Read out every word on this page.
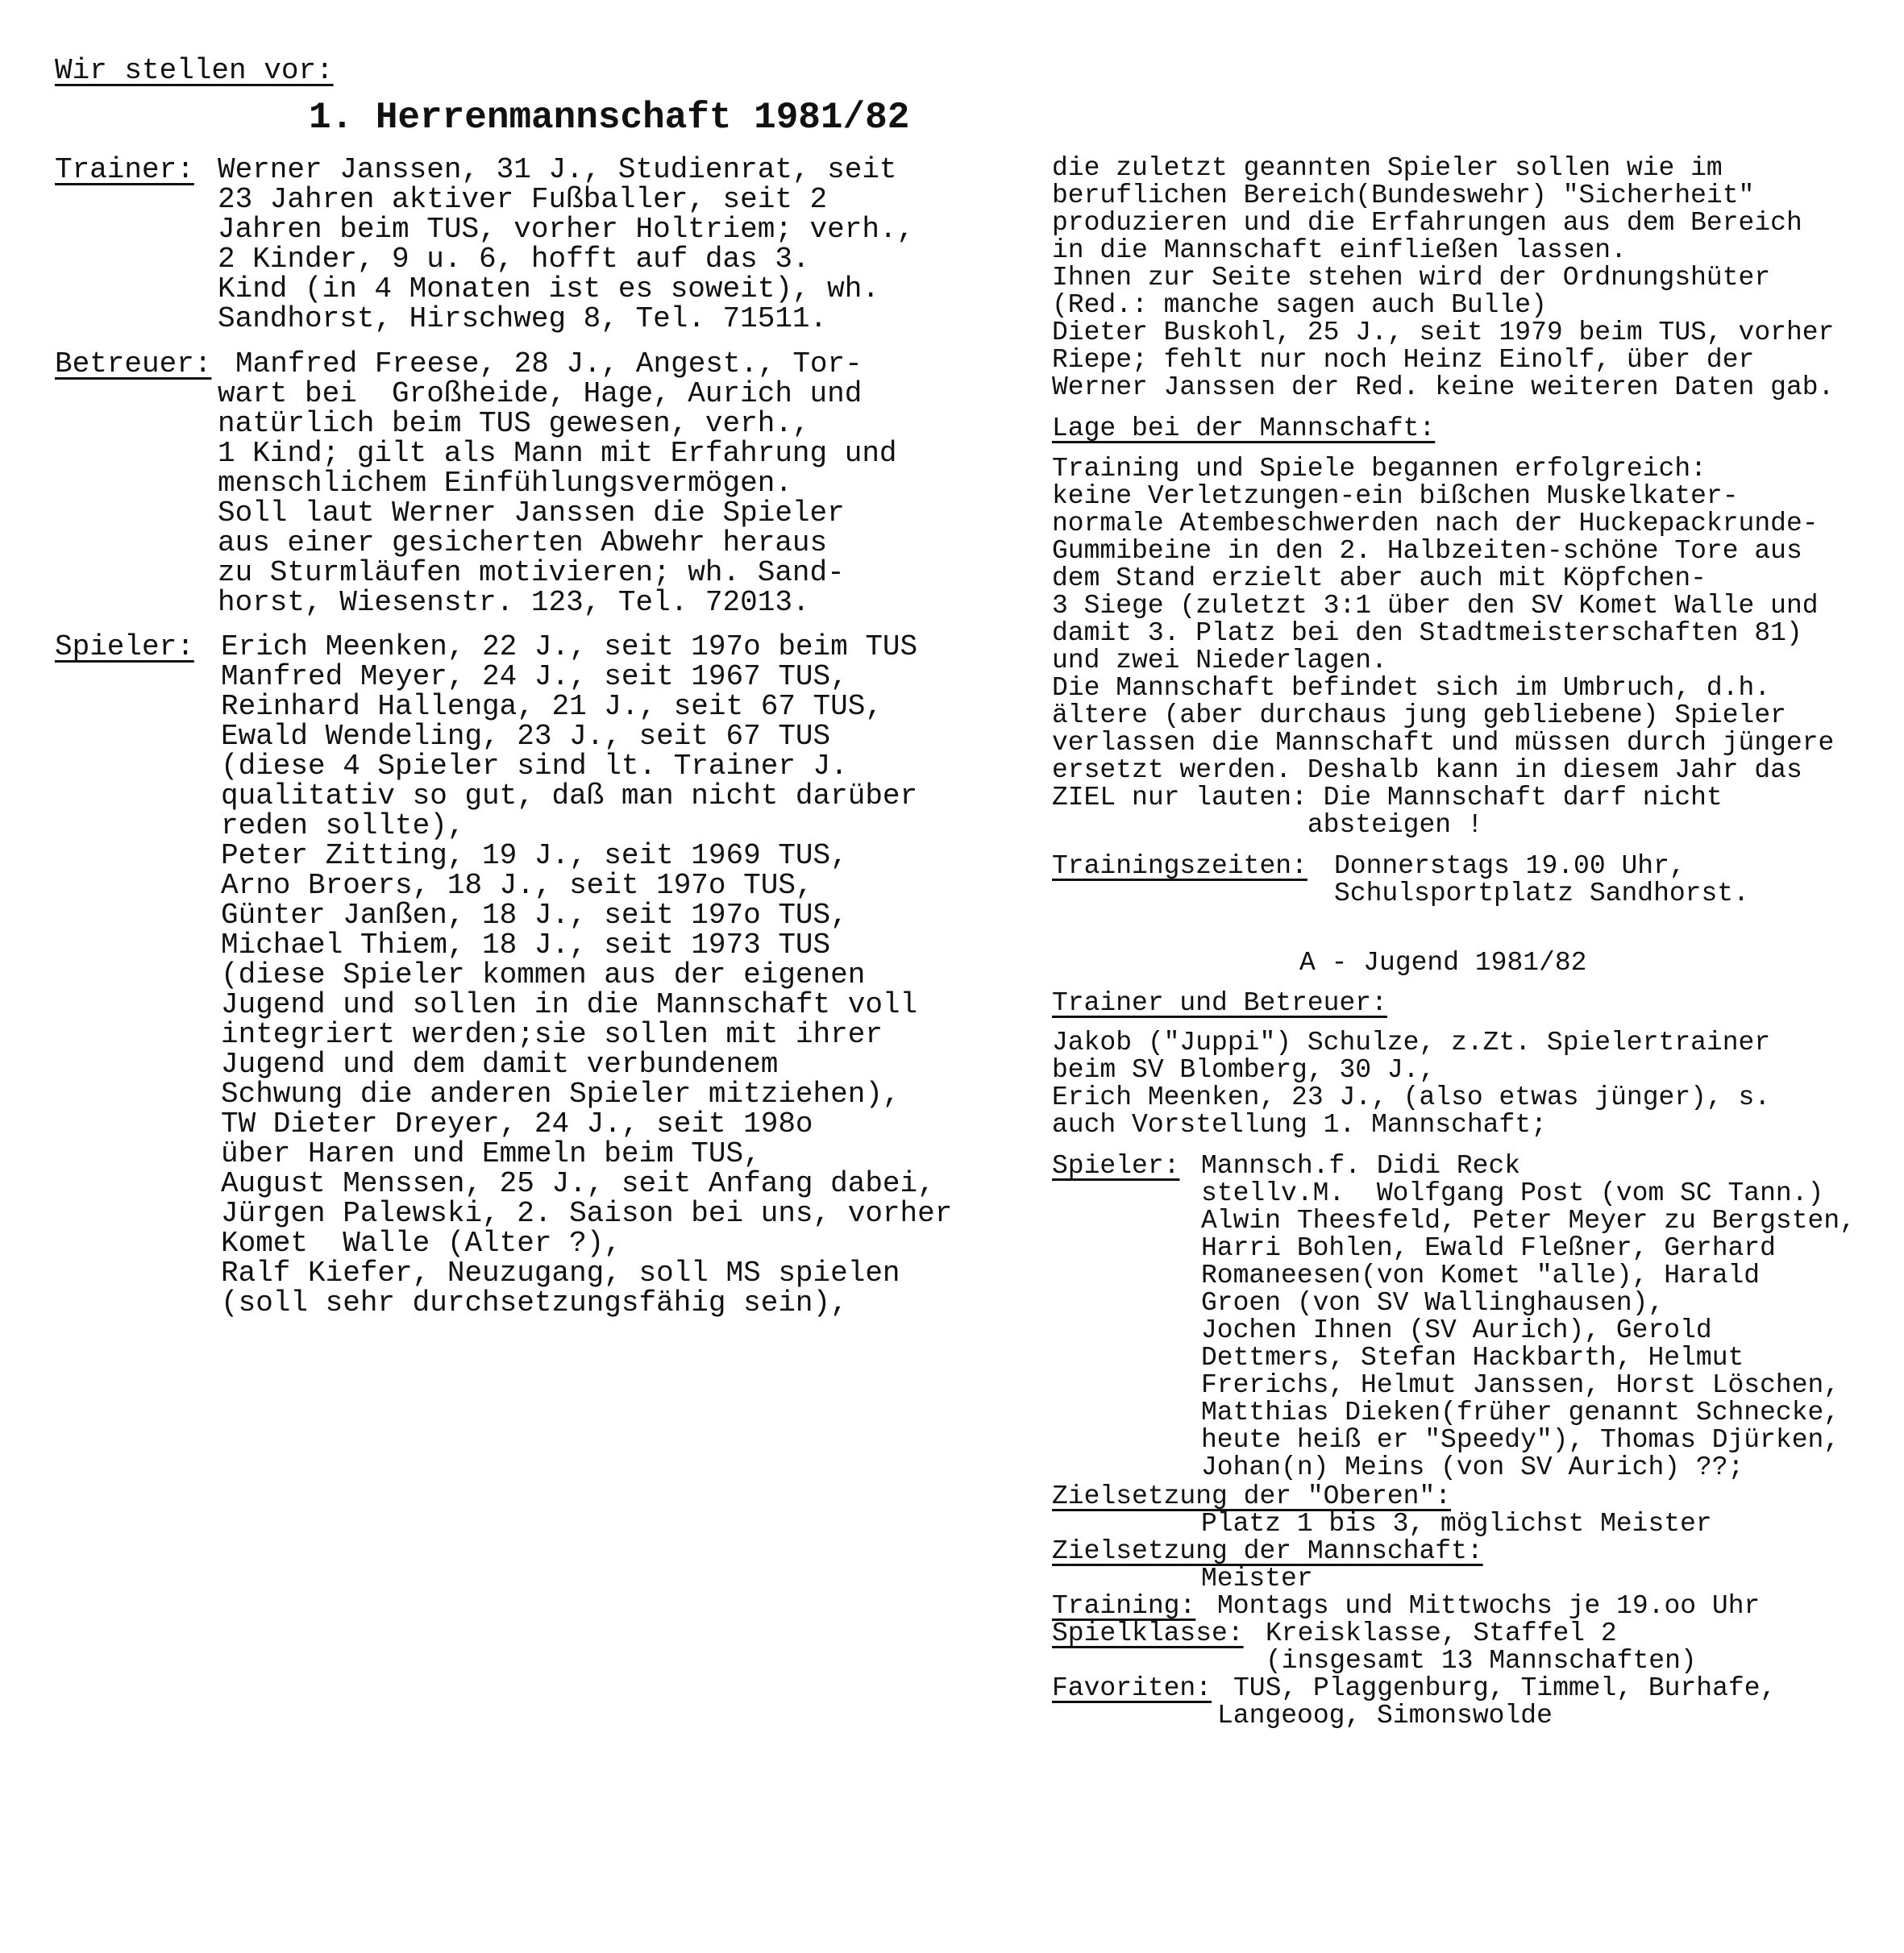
Wir stellen vor:
1. Herrenmannschaft 1981/82
Trainer: Werner Janssen, 31 J., Studienrat, seit
23 Jahren aktiver Fußballer, seit 2
Jahren beim TUS, vorher Holtriem; verh.,
2 Kinder, 9 u. 6, hofft auf das 3.
Kind (in 4 Monaten ist es soweit), wh.
Sandhorst, Hirschweg 8, Tel. 71511.
Betreuer: Manfred Freese, 28 J., Angest., Tor-
wart bei  Großheide, Hage, Aurich und
natürlich beim TUS gewesen, verh.,
1 Kind; gilt als Mann mit Erfahrung und
menschlichem Einfühlungsvermögen.
Soll laut Werner Janssen die Spieler
aus einer gesicherten Abwehr heraus
zu Sturmläufen motivieren; wh. Sand-
horst, Wiesenstr. 123, Tel. 72013.
Spieler: Erich Meenken, 22 J., seit 197o beim TUS
Manfred Meyer, 24 J., seit 1967 TUS,
Reinhard Hallenga, 21 J., seit 67 TUS,
Ewald Wendeling, 23 J., seit 67 TUS
(diese 4 Spieler sind lt. Trainer J.
qualitativ so gut, daß man nicht darüber
reden sollte),
Peter Zitting, 19 J., seit 1969 TUS,
Arno Broers, 18 J., seit 197o TUS,
Günter Janßen, 18 J., seit 197o TUS,
Michael Thiem, 18 J., seit 1973 TUS
(diese Spieler kommen aus der eigenen
Jugend und sollen in die Mannschaft voll
integriert werden;sie sollen mit ihrer
Jugend und dem damit verbundenem
Schwung die anderen Spieler mitziehen),
TW Dieter Dreyer, 24 J., seit 198o
über Haren und Emmeln beim TUS,
August Menssen, 25 J., seit Anfang dabei,
Jürgen Palewski, 2. Saison bei uns, vorher
Komet  Walle (Alter ?),
Ralf Kiefer, Neuzugang, soll MS spielen
(soll sehr durchsetzungsfähig sein),
die zuletzt geannten Spieler sollen wie im
beruflichen Bereich(Bundeswehr) "Sicherheit"
produzieren und die Erfahrungen aus dem Bereich
in die Mannschaft einfließen lassen.
Ihnen zur Seite stehen wird der Ordnungshüter
(Red.: manche sagen auch Bulle)
Dieter Buskohl, 25 J., seit 1979 beim TUS, vorher
Riepe; fehlt nur noch Heinz Einolf, über der
Werner Janssen der Red. keine weiteren Daten gab.
Lage bei der Mannschaft:
Training und Spiele begannen erfolgreich:
keine Verletzungen-ein bißchen Muskelkater-
normale Atembeschwerden nach der Huckepackrunde-
Gummibeine in den 2. Halbzeiten-schöne Tore aus
dem Stand erzielt aber auch mit Köpfchen-
3 Siege (zuletzt 3:1 über den SV Komet Walle und
damit 3. Platz bei den Stadtmeisterschaften 81)
und zwei Niederlagen.
Die Mannschaft befindet sich im Umbruch, d.h.
ältere (aber durchaus jung gebliebene) Spieler
verlassen die Mannschaft und müssen durch jüngere
ersetzt werden. Deshalb kann in diesem Jahr das
ZIEL nur lauten: Die Mannschaft darf nicht
absteigen !
Trainingszeiten: Donnerstags 19.00 Uhr,
Schulsportplatz Sandhorst.
A - Jugend 1981/82
Trainer und Betreuer:
Jakob ("Juppi") Schulze, z.Zt. Spielertrainer
beim SV Blomberg, 30 J.,
Erich Meenken, 23 J., (also etwas jünger), s.
auch Vorstellung 1. Mannschaft;
Spieler: Mannsch.f. Didi Reck
stellv.M.  Wolfgang Post (vom SC Tann.)
Alwin Theesfeld, Peter Meyer zu Bergsten,
Harri Bohlen, Ewald Fleßner, Gerhard
Romaneesen(von Komet "alle), Harald
Groen (von SV Wallinghausen),
Jochen Ihnen (SV Aurich), Gerold
Dettmers, Stefan Hackbarth, Helmut
Frerichs, Helmut Janssen, Horst Löschen,
Matthias Dieken(früher genannt Schnecke,
heute heiß er "Speedy"), Thomas Djürken,
Johan(n) Meins (von SV Aurich) ??;
Zielsetzung der "Oberen":
Platz 1 bis 3, möglichst Meister
Zielsetzung der Mannschaft:
Meister
Training: Montags und Mittwochs je 19.oo Uhr
Spielklasse: Kreisklasse, Staffel 2
(insgesamt 13 Mannschaften)
Favoriten: TUS, Plaggenburg, Timmel, Burhafe,
Langeoog, Simonswolde
